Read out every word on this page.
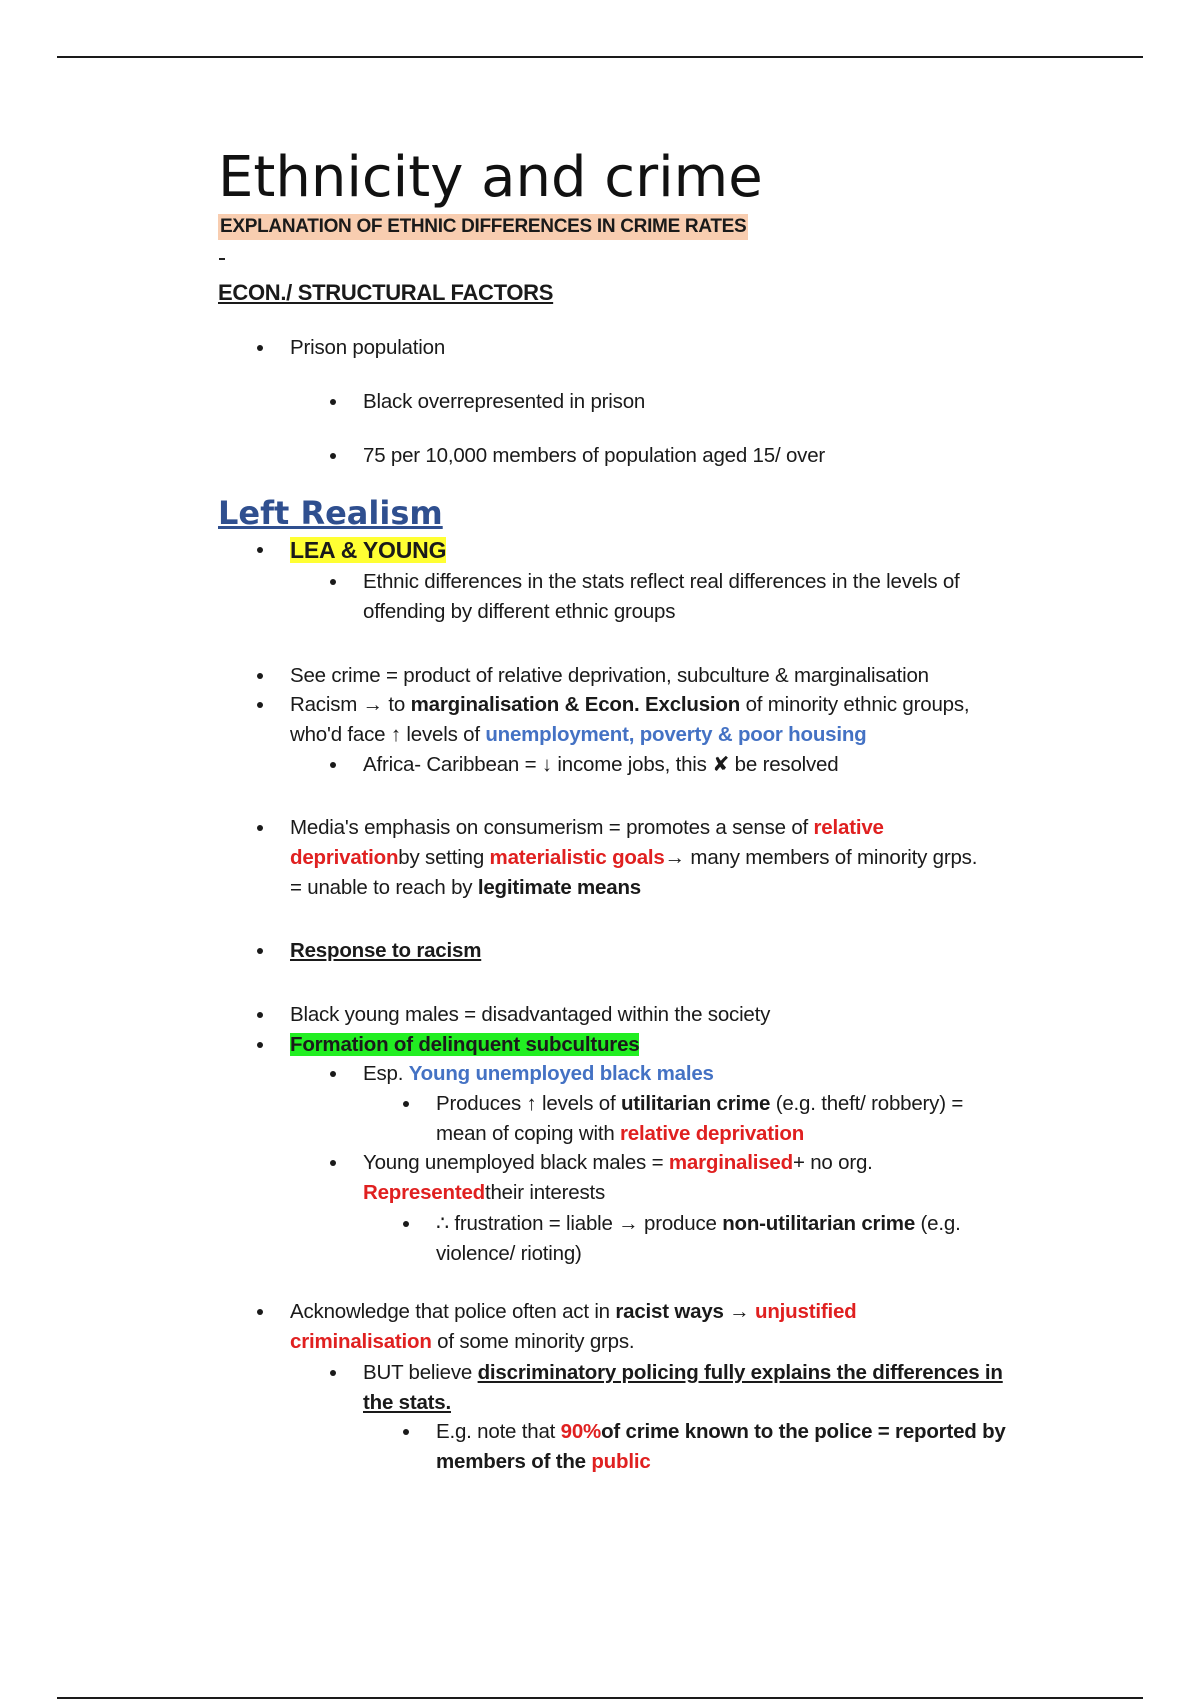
Ethnicity and crime
EXPLANATION OF ETHNIC DIFFERENCES IN CRIME RATES
ECON./ STRUCTURAL FACTORS
Prison population
Black overrepresented in prison
75 per 10,000 members of population aged 15/ over
Left Realism
LEA & YOUNG
Ethnic differences in the stats reflect real differences in the levels of
offending by different ethnic groups
See crime = product of relative deprivation, subculture & marginalisation
Racism → to marginalisation & Econ. Exclusion of minority ethnic groups,
who'd face ↑ levels of unemployment, poverty & poor housing
Africa- Caribbean = ↓ income jobs, this ✘ be resolved
Media's emphasis on consumerism = promotes a sense of relative
deprivationby setting materialistic goals→ many members of minority grps.
= unable to reach by legitimate means
Response to racism
Black young males = disadvantaged within the society
Formation of delinquent subcultures
Esp. Young unemployed black males
Produces ↑ levels of utilitarian crime (e.g. theft/ robbery) =
mean of coping with relative deprivation
Young unemployed black males = marginalised+ no org.
Representedtheir interests
∴ frustration = liable → produce non-utilitarian crime (e.g.
violence/ rioting)
Acknowledge that police often act in racist ways → unjustified
criminalisation of some minority grps.
BUT believe discriminatory policing fully explains the differences in
the stats.
E.g. note that 90%of crime known to the police = reported by
members of the public
